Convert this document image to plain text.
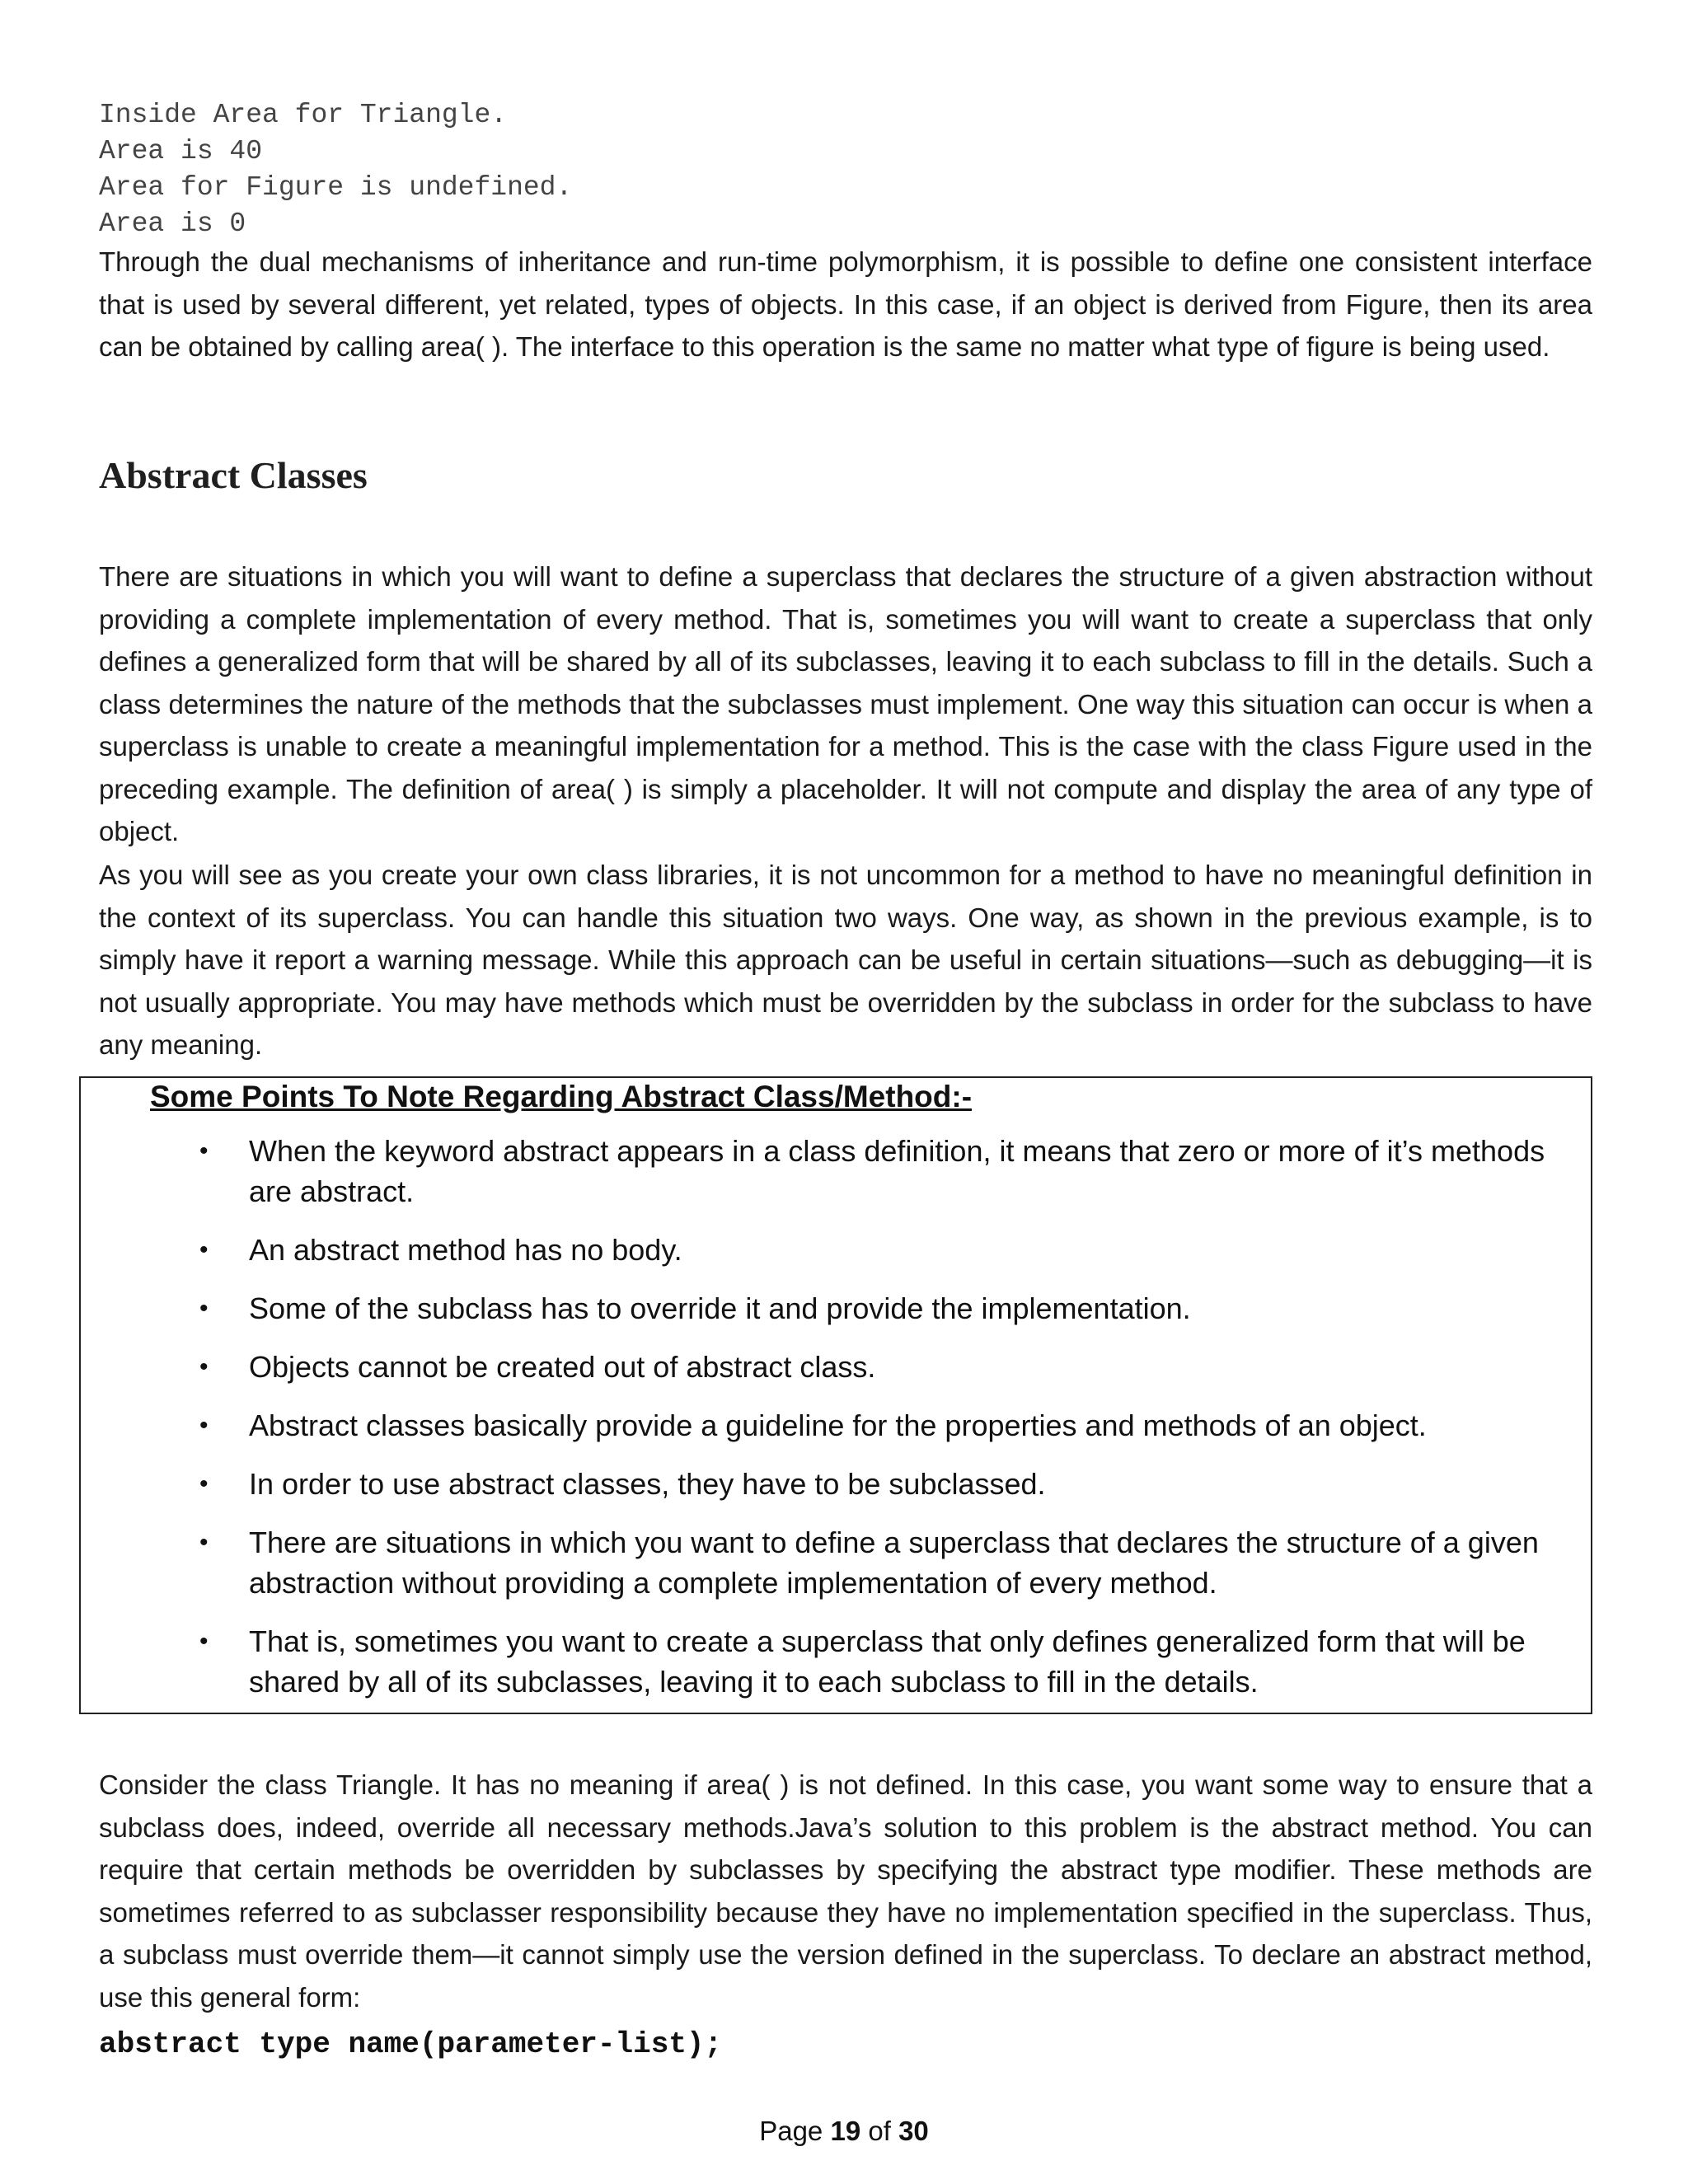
Inside Area for Triangle.
Area is 40
Area for Figure is undefined.
Area is 0

Through the dual mechanisms of inheritance and run-time polymorphism, it is possible to define one consistent interface that is used by several different, yet related, types of objects. In this case, if an object is derived from Figure, then its area can be obtained by calling area( ). The interface to this operation is the same no matter what type of figure is being used.

Abstract Classes

There are situations in which you will want to define a superclass that declares the structure of a given abstraction without providing a complete implementation of every method. That is, sometimes you will want to create a superclass that only defines a generalized form that will be shared by all of its subclasses, leaving it to each subclass to fill in the details. Such a class determines the nature of the methods that the subclasses must implement. One way this situation can occur is when a superclass is unable to create a meaningful implementation for a method. This is the case with the class Figure used in the preceding example. The definition of area( ) is simply a placeholder. It will not compute and display the area of any type of object.

As you will see as you create your own class libraries, it is not uncommon for a method to have no meaningful definition in the context of its superclass. You can handle this situation two ways. One way, as shown in the previous example, is to simply have it report a warning message. While this approach can be useful in certain situations—such as debugging—it is not usually appropriate. You may have methods which must be overridden by the subclass in order for the subclass to have any meaning.

Some Points To Note Regarding Abstract Class/Method:-
• When the keyword abstract appears in a class definition, it means that zero or more of it’s methods are abstract.
• An abstract method has no body.
• Some of the subclass has to override it and provide the implementation.
• Objects cannot be created out of abstract class.
• Abstract classes basically provide a guideline for the properties and methods of an object.
• In order to use abstract classes, they have to be subclassed.
• There are situations in which you want to define a superclass that declares the structure of a given abstraction without providing a complete implementation of every method.
• That is, sometimes you want to create a superclass that only defines generalized form that will be shared by all of its subclasses, leaving it to each subclass to fill in the details.

Consider the class Triangle. It has no meaning if area( ) is not defined. In this case, you want some way to ensure that a subclass does, indeed, override all necessary methods.Java’s solution to this problem is the abstract method. You can require that certain methods be overridden by subclasses by specifying the abstract type modifier. These methods are sometimes referred to as subclasser responsibility because they have no implementation specified in the superclass. Thus, a subclass must override them—it cannot simply use the version defined in the superclass. To declare an abstract method, use this general form:

abstract type name(parameter-list);
Page 19 of 30
